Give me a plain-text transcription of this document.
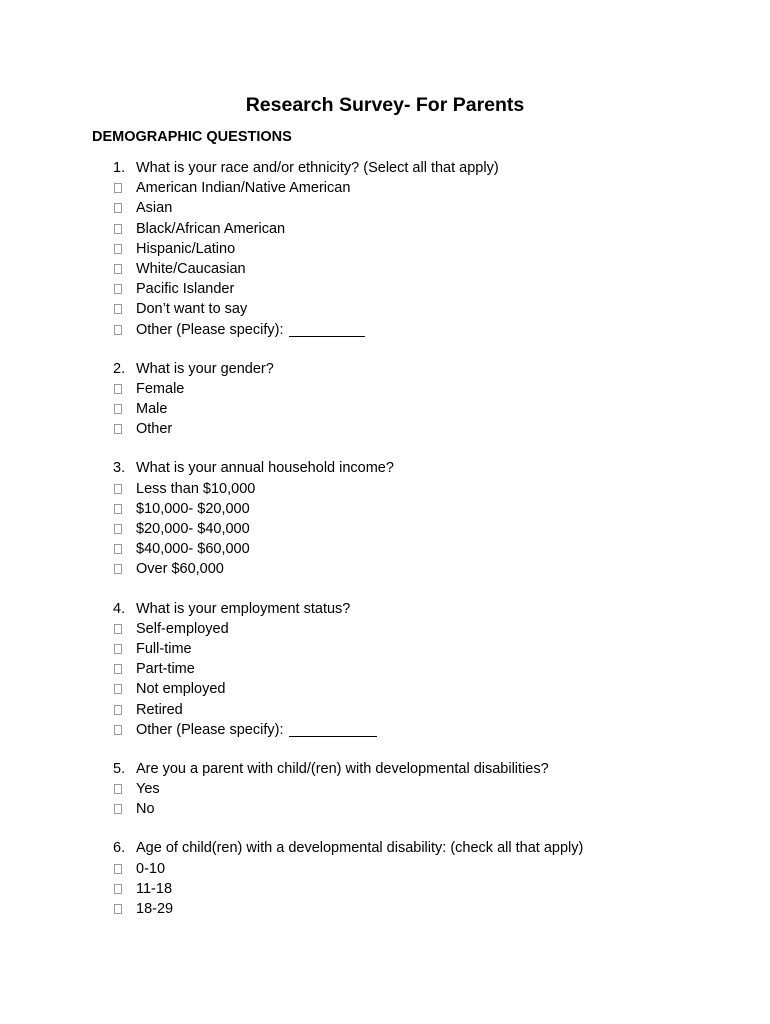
Research Survey- For Parents
DEMOGRAPHIC QUESTIONS
1. What is your race and/or ethnicity? (Select all that apply)
American Indian/Native American
Asian
Black/African American
Hispanic/Latino
White/Caucasian
Pacific Islander
Don’t want to say
Other (Please specify):
2. What is your gender?
Female
Male
Other
3. What is your annual household income?
Less than $10,000
$10,000- $20,000
$20,000- $40,000
$40,000- $60,000
Over $60,000
4. What is your employment status?
Self-employed
Full-time
Part-time
Not employed
Retired
Other (Please specify):
5. Are you a parent with child/(ren) with developmental disabilities?
Yes
No
6. Age of child(ren) with a developmental disability: (check all that apply)
0-10
11-18
18-29
